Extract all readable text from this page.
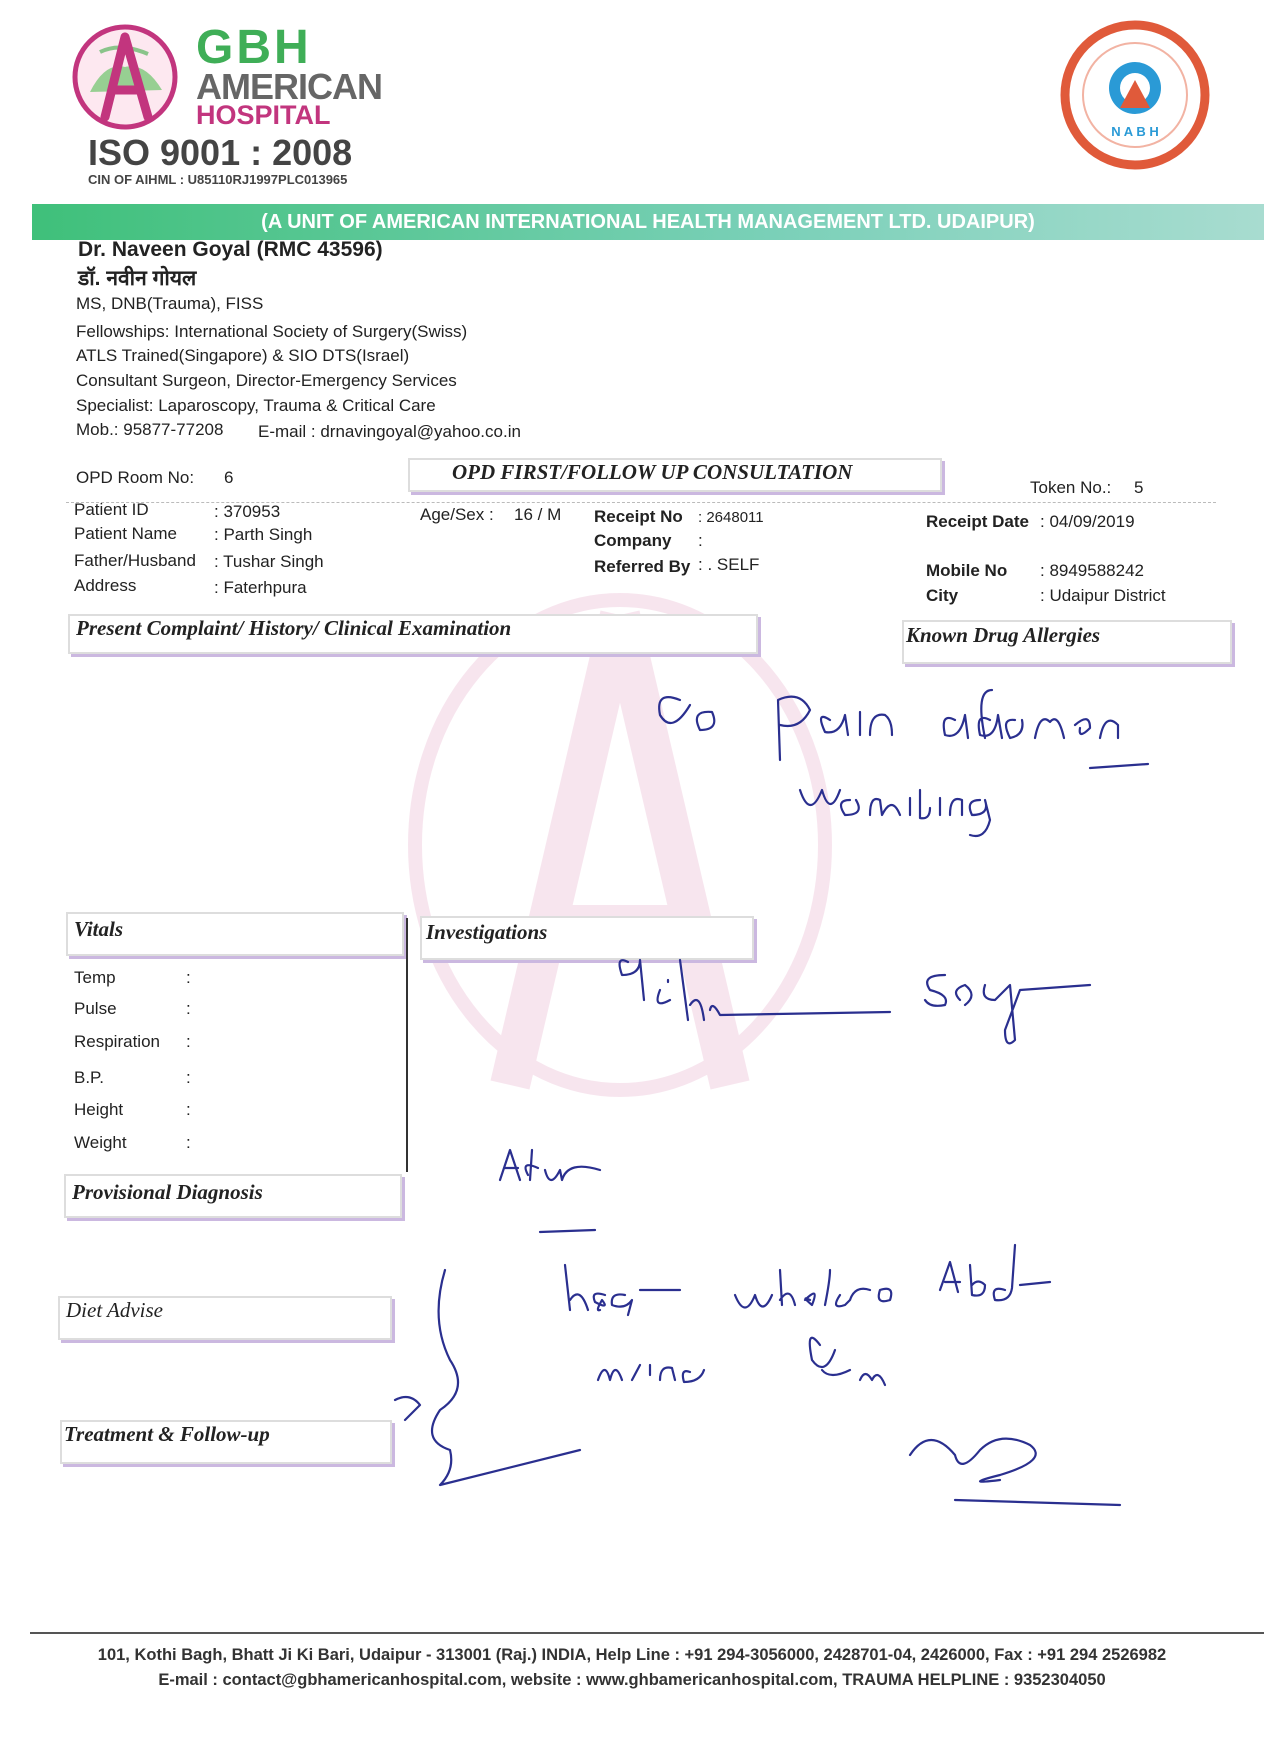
GBH
AMERICAN
HOSPITAL
ISO 9001 : 2008
CIN OF AIHML : U85110RJ1997PLC013965
N A B H
(A UNIT OF AMERICAN INTERNATIONAL HEALTH MANAGEMENT LTD. UDAIPUR)
Dr. Naveen Goyal (RMC 43596)
डॉ. नवीन गोयल
MS, DNB(Trauma), FISS
Fellowships: International Society of Surgery(Swiss)
ATLS Trained(Singapore) & SIO DTS(Israel)
Consultant Surgeon, Director-Emergency Services
Specialist: Laparoscopy, Trauma & Critical Care
Mob.: 95877-77208 E-mail : drnavingoyal@yahoo.co.in
OPD Room No: 6	OPD FIRST/FOLLOW UP CONSULTATION
Token No.: 5
Patient ID	: 370953
Patient Name : Parth Singh
Father/Husband : Tushar Singh
Address	: Faterhpura
Age/Sex : 16 / M Receipt No : 2648011
Company :
Referred By : . SELF
Receipt Date : 04/09/2019
Mobile No : 8949588242
City	: Udaipur District
Present Complaint/ History/ Clinical Examination	Known Drug Allergies
Vitals	Investigations
Temp	:
Pulse	:
Respiration :
B.P.	:
Height	:
Weight	:
Provisional Diagnosis
Diet Advise
Treatment & Follow-up
101, Kothi Bagh, Bhatt Ji Ki Bari, Udaipur - 313001 (Raj.) INDIA, Help Line : +91 294-3056000, 2428701-04, 2426000, Fax : +91 294 2526982
E-mail : contact@gbhamericanhospital.com, website : www.ghbamericanhospital.com, TRAUMA HELPLINE : 9352304050
